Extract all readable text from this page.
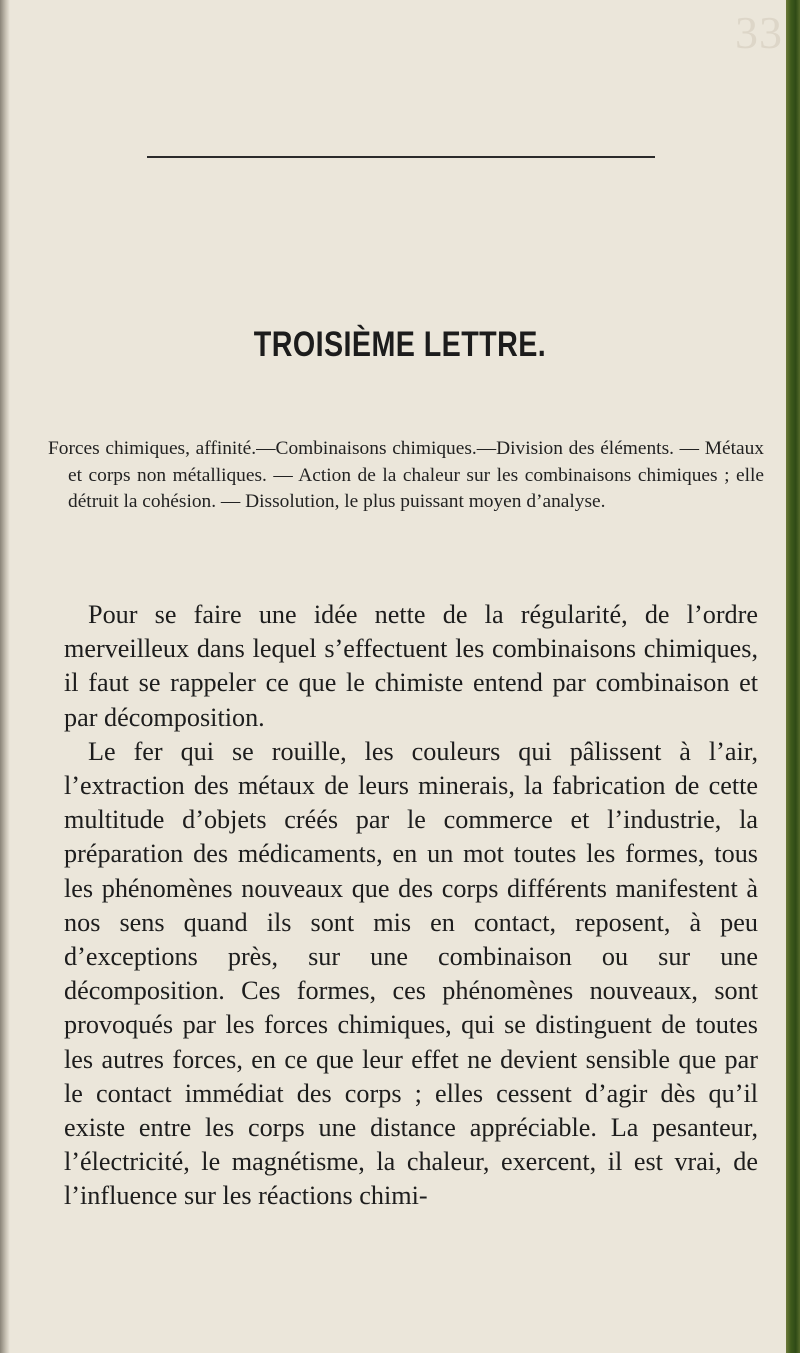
33
TROISIÈME LETTRE.
Forces chimiques, affinité.—Combinaisons chimiques.—Division des éléments. — Métaux et corps non métalliques. — Action de la chaleur sur les combinaisons chimiques ; elle détruit la cohésion. — Dissolution, le plus puissant moyen d’analyse.

Pour se faire une idée nette de la régularité, de l’ordre merveilleux dans lequel s’effectuent les combinaisons chimiques, il faut se rappeler ce que le chimiste entend par combinaison et par décomposition.

Le fer qui se rouille, les couleurs qui pâlissent à l’air, l’extraction des métaux de leurs minerais, la fabrication de cette multitude d’objets créés par le commerce et l’industrie, la préparation des médicaments, en un mot toutes les formes, tous les phénomènes nouveaux que des corps différents manifestent à nos sens quand ils sont mis en contact, reposent, à peu d’exceptions près, sur une combinaison ou sur une décomposition. Ces formes, ces phénomènes nouveaux, sont provoqués par les forces chimiques, qui se distinguent de toutes les autres forces, en ce que leur effet ne devient sensible que par le contact immédiat des corps ; elles cessent d’agir dès qu’il existe entre les corps une distance appréciable. La pesanteur, l’électricité, le magnétisme, la chaleur, exercent, il est vrai, de l’influence sur les réactions chimi-
